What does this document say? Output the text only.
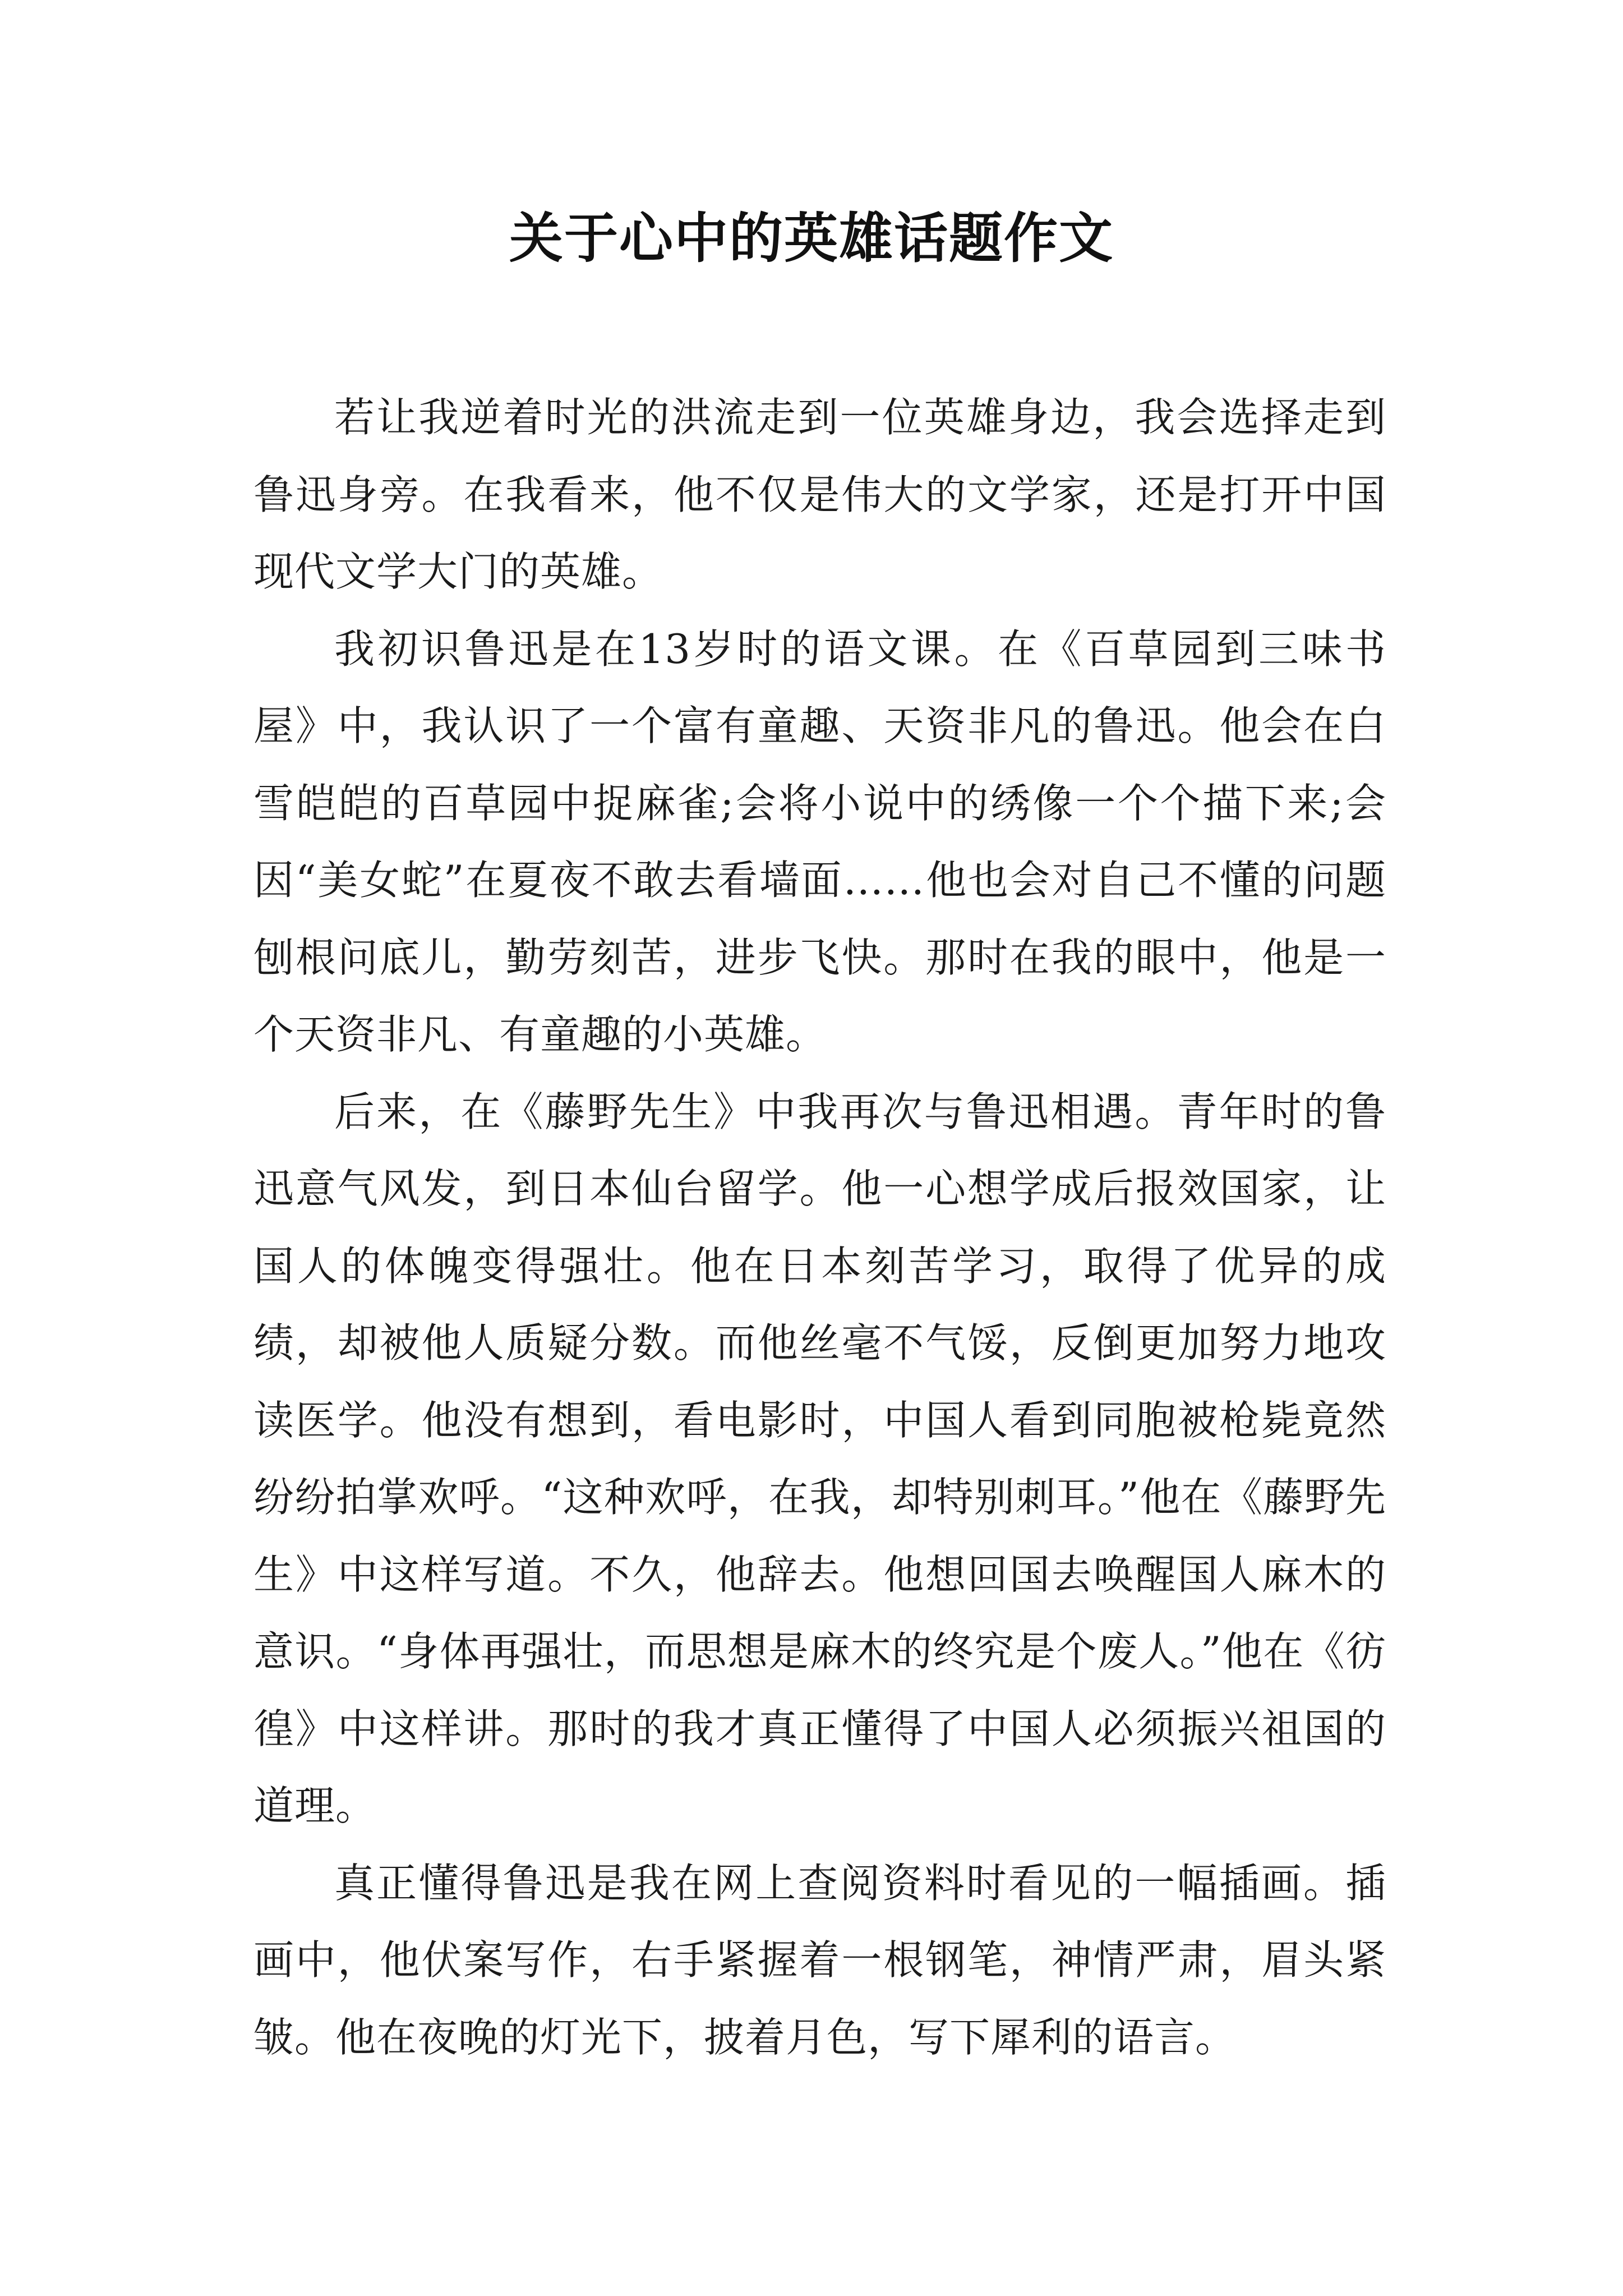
关于心中的英雄话题作文

若让我逆着时光的洪流走到一位英雄身边，我会选择走到鲁迅身旁。在我看来，他不仅是伟大的文学家，还是打开中国现代文学大门的英雄。

我初识鲁迅是在13岁时的语文课。在《百草园到三味书屋》中，我认识了一个富有童趣、天资非凡的鲁迅。他会在白雪皑皑的百草园中捉麻雀;会将小说中的绣像一个个描下来;会因“美女蛇”在夏夜不敢去看墙面……他也会对自己不懂的问题刨根问底儿，勤劳刻苦，进步飞快。那时在我的眼中，他是一个天资非凡、有童趣的小英雄。

后来，在《藤野先生》中我再次与鲁迅相遇。青年时的鲁迅意气风发，到日本仙台留学。他一心想学成后报效国家，让国人的体魄变得强壮。他在日本刻苦学习，取得了优异的成绩，却被他人质疑分数。而他丝毫不气馁，反倒更加努力地攻读医学。他没有想到，看电影时，中国人看到同胞被枪毙竟然纷纷拍掌欢呼。“这种欢呼，在我，却特别刺耳。”他在《藤野先生》中这样写道。不久，他辞去。他想回国去唤醒国人麻木的意识。“身体再强壮，而思想是麻木的终究是个废人。”他在《彷徨》中这样讲。那时的我才真正懂得了中国人必须振兴祖国的道理。

真正懂得鲁迅是我在网上查阅资料时看见的一幅插画。插画中，他伏案写作，右手紧握着一根钢笔，神情严肃，眉头紧皱。他在夜晚的灯光下，披着月色，写下犀利的语言。
